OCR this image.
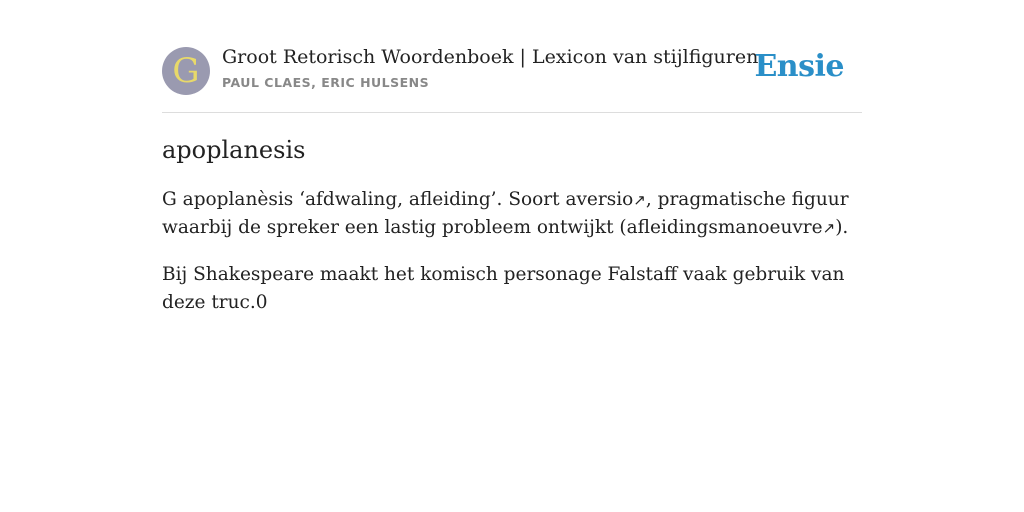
G	Groot Retorisch Woordenboek | Lexicon van stijlfiguren
PAUL CLAES, ERIC HULSENS	Ensie
apoplanesis

G apoplanèsis ‘afdwaling, afleiding’. Soort aversio↗, pragmatische figuur waarbij de spreker een lastig probleem ontwijkt (afleidingsmanoeuvre↗).

Bij Shakespeare maakt het komisch personage Falstaff vaak gebruik van deze truc.0
